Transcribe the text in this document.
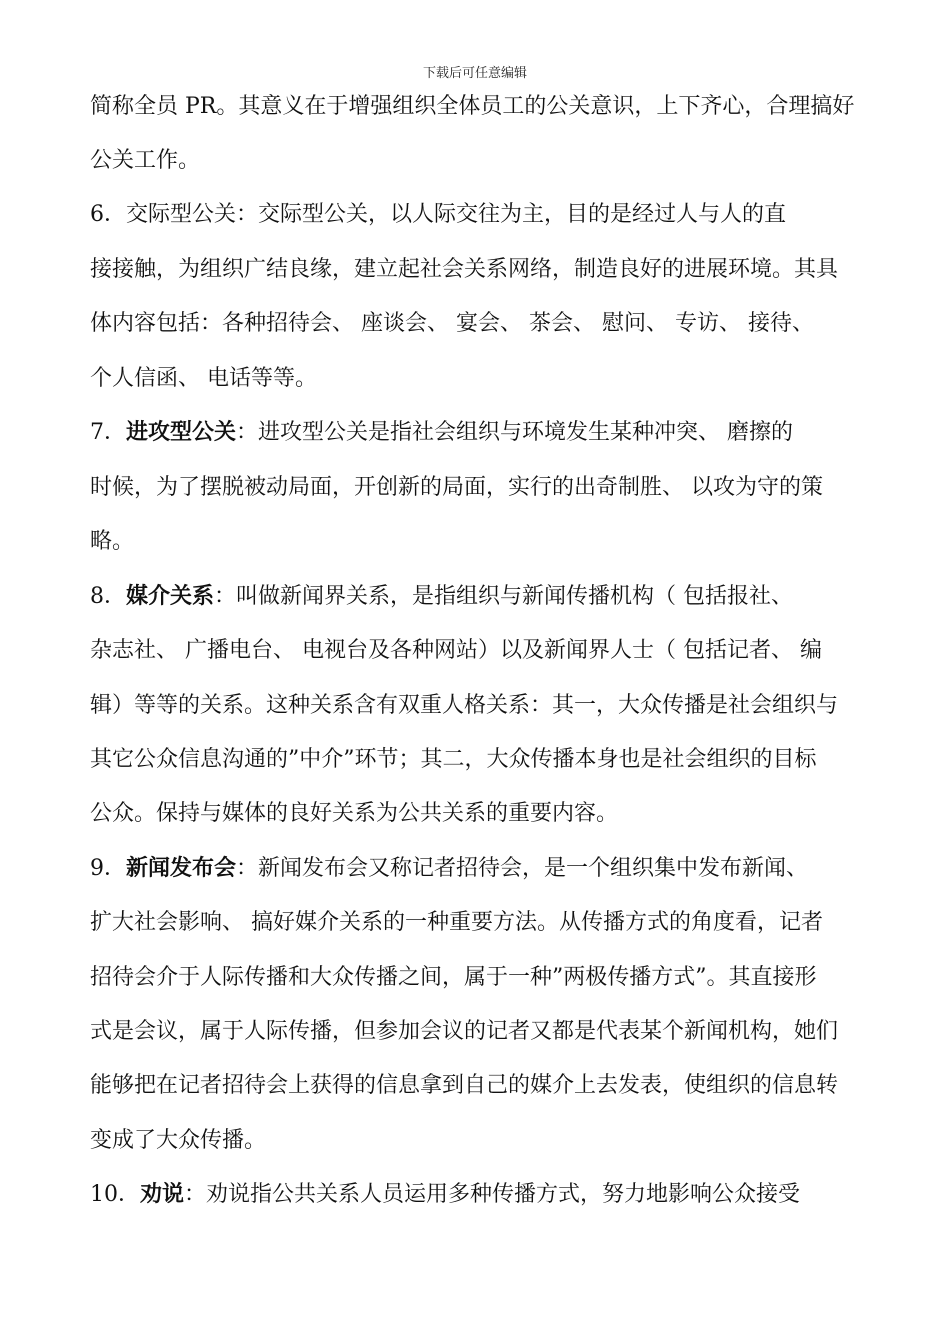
下载后可任意编辑
简称全员 PR。其意义在于增强组织全体员工的公关意识，上下齐心，合理搞好
公关工作。
6．交际型公关：交际型公关，以人际交往为主，目的是经过人与人的直
接接触，为组织广结良缘，建立起社会关系网络，制造良好的进展环境。其具
体内容包括：各种招待会、 座谈会、 宴会、 茶会、 慰问、 专访、 接待、
个人信函、 电话等等。
7．进攻型公关：进攻型公关是指社会组织与环境发生某种冲突、 磨擦的
时候，为了摆脱被动局面，开创新的局面，实行的出奇制胜、 以攻为守的策
略。
8．媒介关系：叫做新闻界关系，是指组织与新闻传播机构（ 包括报社、
杂志社、 广播电台、 电视台及各种网站）以及新闻界人士（ 包括记者、 编
辑）等等的关系。这种关系含有双重人格关系：其一，大众传播是社会组织与
其它公众信息沟通的”中介”环节；其二，大众传播本身也是社会组织的目标
公众。保持与媒体的良好关系为公共关系的重要内容。
9．新闻发布会：新闻发布会又称记者招待会，是一个组织集中发布新闻、
扩大社会影响、 搞好媒介关系的一种重要方法。从传播方式的角度看，记者
招待会介于人际传播和大众传播之间，属于一种”两极传播方式”。其直接形
式是会议，属于人际传播，但参加会议的记者又都是代表某个新闻机构，她们
能够把在记者招待会上获得的信息拿到自己的媒介上去发表，使组织的信息转
变成了大众传播。
10．劝说：劝说指公共关系人员运用多种传播方式，努力地影响公众接受
